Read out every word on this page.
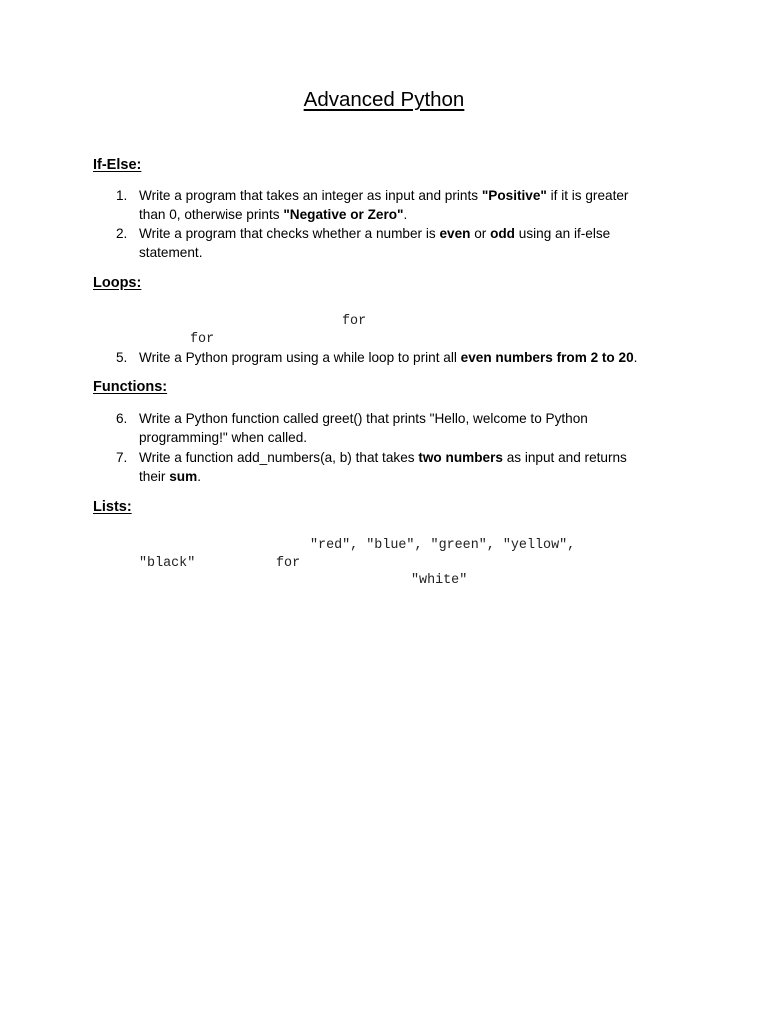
Advanced Python
If-Else:
1. Write a program that takes an integer as input and prints "Positive" if it is greater
than 0, otherwise prints "Negative or Zero".
2. Write a program that checks whether a number is even or odd using an if-else
statement.
Loops:
for
for
5. Write a Python program using a while loop to print all even numbers from 2 to 20.
Functions:
6. Write a Python function called greet() that prints "Hello, welcome to Python
programming!" when called.
7. Write a function add_numbers(a, b) that takes two numbers as input and returns
their sum.
Lists:
"red", "blue", "green", "yellow",
"black"	for
"white"
